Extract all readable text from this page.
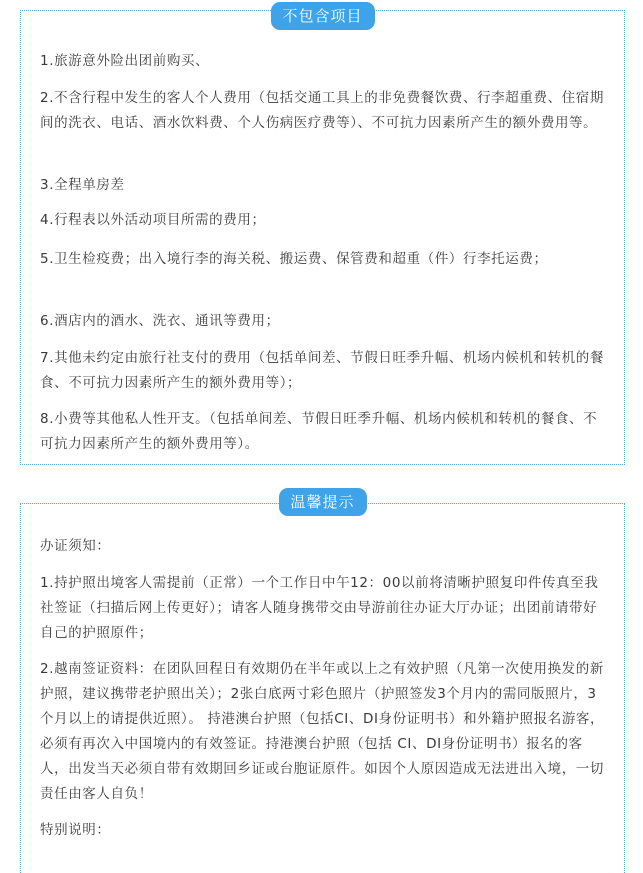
不包含项目

1.旅游意外险出团前购买、

2.不含行程中发生的客人个人费用（包括交通工具上的非免费餐饮费、行李超重费、住宿期间的洗衣、电话、酒水饮料费、个人伤病医疗费等）、不可抗力因素所产生的额外费用等。

3.全程单房差

4.行程表以外活动项目所需的费用；

5.卫生检疫费；出入境行李的海关税、搬运费、保管费和超重（件）行李托运费；

6.酒店内的酒水、洗衣、通讯等费用；

7.其他未约定由旅行社支付的费用（包括单间差、节假日旺季升幅、机场内候机和转机的餐食、不可抗力因素所产生的额外费用等）；

8.小费等其他私人性开支。（包括单间差、节假日旺季升幅、机场内候机和转机的餐食、不可抗力因素所产生的额外费用等）。

温馨提示

办证须知：

1.持护照出境客人需提前（正常）一个工作日中午12：00以前将清晰护照复印件传真至我社签证（扫描后网上传更好）；请客人随身携带交由导游前往办证大厅办证；出团前请带好自己的护照原件；

2.越南签证资料：在团队回程日有效期仍在半年或以上之有效护照（凡第一次使用换发的新护照，建议携带老护照出关）；2张白底两寸彩色照片（护照签发3个月内的需同版照片，3个月以上的请提供近照）。 持港澳台护照（包括CI、DI身份证明书）和外籍护照报名游客，必须有再次入中国境内的有效签证。持港澳台护照（包括 CI、DI身份证明书）报名的客人，出发当天必须自带有效期回乡证或台胞证原件。如因个人原因造成无法进出入境，一切责任由客人自负！

特别说明：
